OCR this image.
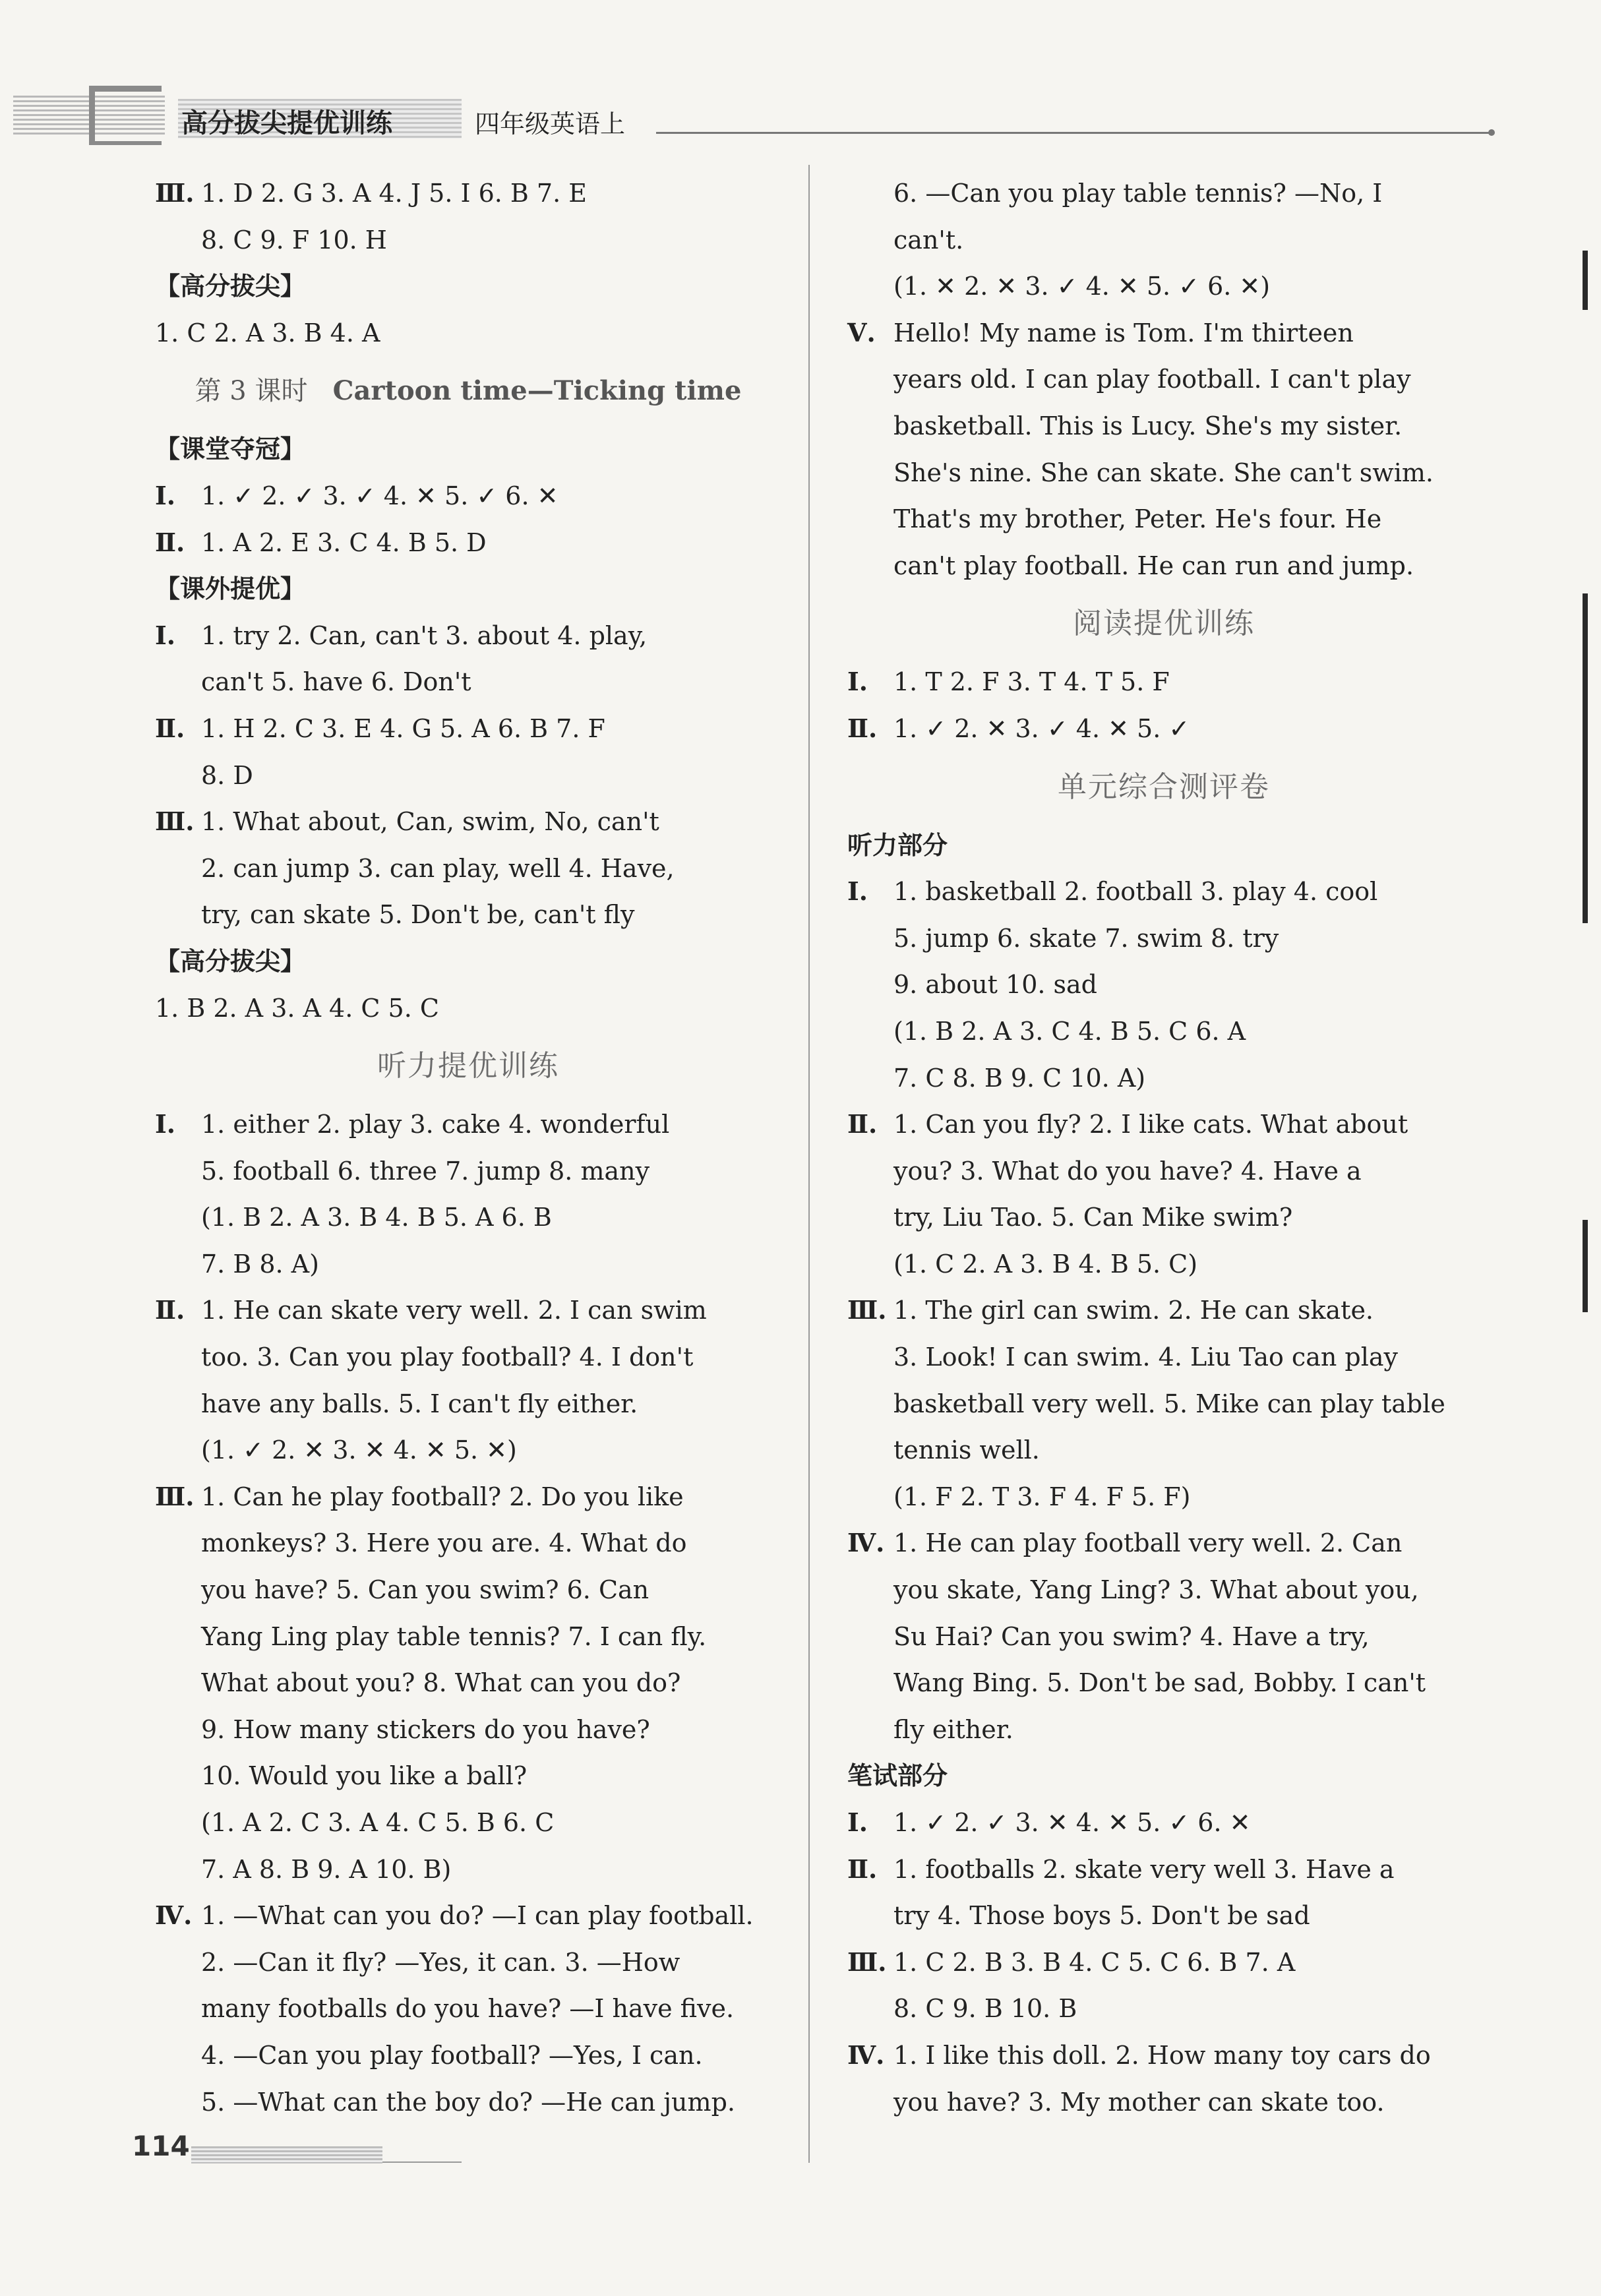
高分拔尖提优训练	四年级英语上
Ⅲ. 1. D 2. G 3. A 4. J 5. I 6. B 7. E
8. C 9. F 10. H
【高分拔尖】
1. C 2. A 3. B 4. A
第 3 课时 Cartoon time—Ticking time
【课堂夺冠】
Ⅰ. 1. ✓ 2. ✓ 3. ✓ 4. ✕ 5. ✓ 6. ✕
Ⅱ. 1. A 2. E 3. C 4. B 5. D
【课外提优】
Ⅰ. 1. try 2. Can, can't 3. about 4. play,
can't 5. have 6. Don't
Ⅱ. 1. H 2. C 3. E 4. G 5. A 6. B 7. F
8. D
Ⅲ. 1. What about, Can, swim, No, can't
2. can jump 3. can play, well 4. Have,
try, can skate 5. Don't be, can't fly
【高分拔尖】
1. B 2. A 3. A 4. C 5. C
听力提优训练
Ⅰ. 1. either 2. play 3. cake 4. wonderful
5. football 6. three 7. jump 8. many
(1. B 2. A 3. B 4. B 5. A 6. B
7. B 8. A)
Ⅱ. 1. He can skate very well. 2. I can swim
too. 3. Can you play football? 4. I don't
have any balls. 5. I can't fly either.
(1. ✓ 2. ✕ 3. ✕ 4. ✕ 5. ✕)
Ⅲ. 1. Can he play football? 2. Do you like
monkeys? 3. Here you are. 4. What do
you have? 5. Can you swim? 6. Can
Yang Ling play table tennis? 7. I can fly.
What about you? 8. What can you do?
9. How many stickers do you have?
10. Would you like a ball?
(1. A 2. C 3. A 4. C 5. B 6. C
7. A 8. B 9. A 10. B)
Ⅳ. 1. —What can you do? —I can play football.
2. —Can it fly? —Yes, it can. 3. —How
many footballs do you have? —I have five.
4. —Can you play football? —Yes, I can.
5. —What can the boy do? —He can jump.
6. —Can you play table tennis? —No, I
can't.
(1. ✕ 2. ✕ 3. ✓ 4. ✕ 5. ✓ 6. ✕)
Ⅴ. Hello! My name is Tom. I'm thirteen
years old. I can play football. I can't play
basketball. This is Lucy. She's my sister.
She's nine. She can skate. She can't swim.
That's my brother, Peter. He's four. He
can't play football. He can run and jump.
阅读提优训练
Ⅰ. 1. T 2. F 3. T 4. T 5. F
Ⅱ. 1. ✓ 2. ✕ 3. ✓ 4. ✕ 5. ✓
单元综合测评卷
听力部分
Ⅰ. 1. basketball 2. football 3. play 4. cool
5. jump 6. skate 7. swim 8. try
9. about 10. sad
(1. B 2. A 3. C 4. B 5. C 6. A
7. C 8. B 9. C 10. A)
Ⅱ. 1. Can you fly? 2. I like cats. What about
you? 3. What do you have? 4. Have a
try, Liu Tao. 5. Can Mike swim?
(1. C 2. A 3. B 4. B 5. C)
Ⅲ. 1. The girl can swim. 2. He can skate.
3. Look! I can swim. 4. Liu Tao can play
basketball very well. 5. Mike can play table
tennis well.
(1. F 2. T 3. F 4. F 5. F)
Ⅳ. 1. He can play football very well. 2. Can
you skate, Yang Ling? 3. What about you,
Su Hai? Can you swim? 4. Have a try,
Wang Bing. 5. Don't be sad, Bobby. I can't
fly either.
笔试部分
Ⅰ. 1. ✓ 2. ✓ 3. ✕ 4. ✕ 5. ✓ 6. ✕
Ⅱ. 1. footballs 2. skate very well 3. Have a
try 4. Those boys 5. Don't be sad
Ⅲ. 1. C 2. B 3. B 4. C 5. C 6. B 7. A
8. C 9. B 10. B
Ⅳ. 1. I like this doll. 2. How many toy cars do
you have? 3. My mother can skate too.
114
